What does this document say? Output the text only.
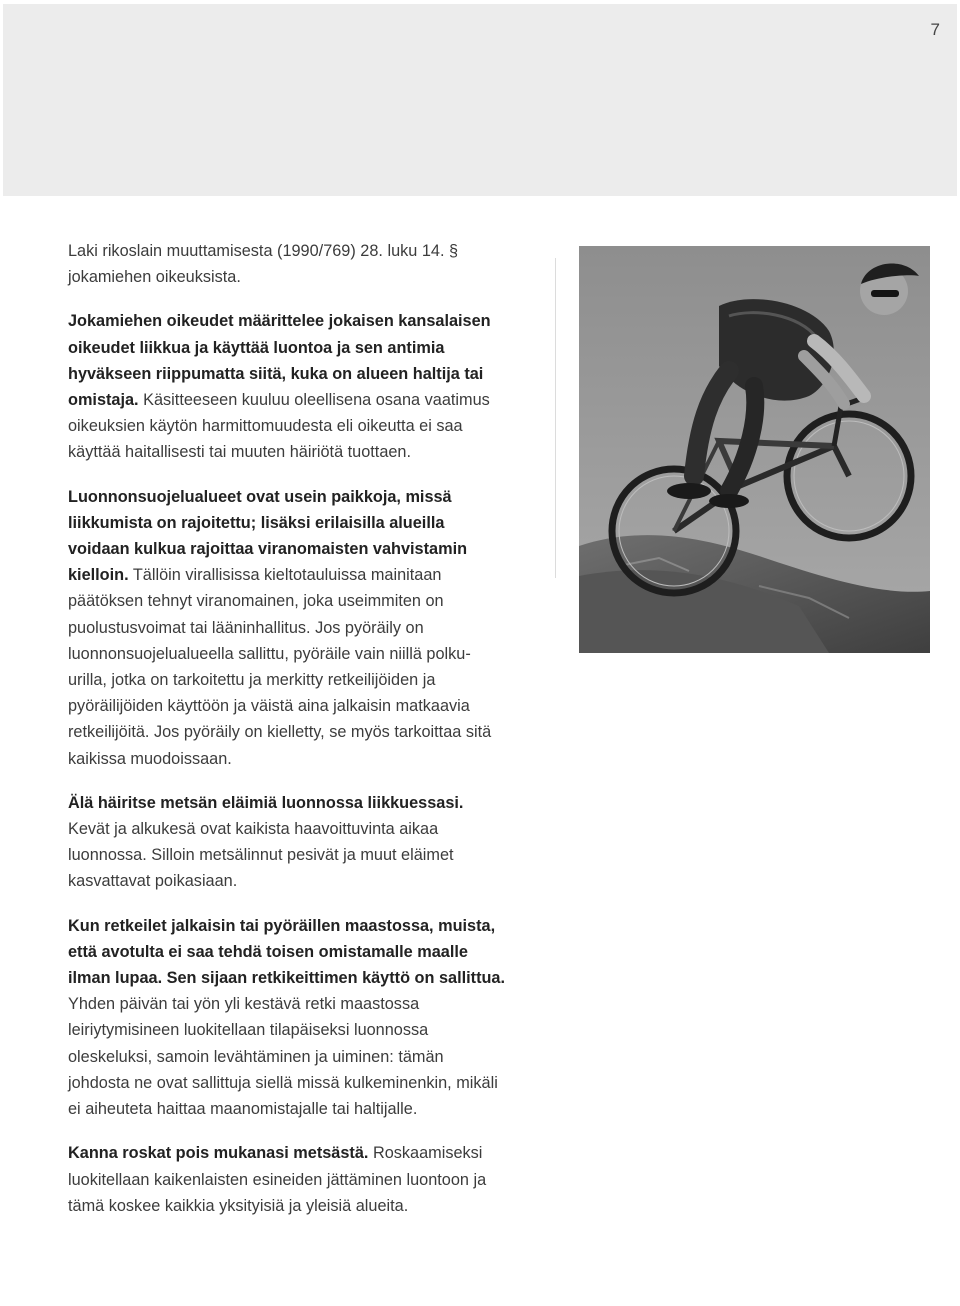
7

Laki rikoslain muuttamisesta (1990/769) 28. luku 14. § jokamiehen oikeuksista.

Jokamiehen oikeudet määrittelee jokaisen kansalaisen oikeudet liikkua ja käyttää luontoa ja sen antimia hyväkseen riippumatta siitä, kuka on alueen haltija tai omistaja. Käsitteeseen kuuluu oleellisena osana vaatimus oikeuksien käytön harmittomuudesta eli oikeutta ei saa käyttää haitallisesti tai muuten häiriötä tuottaen.

Luonnonsuojelualueet ovat usein paikkoja, missä liikkumista on rajoitettu; lisäksi erilaisilla alueilla voidaan kulkua rajoittaa viranomaisten vahvistamin kielloin. Tällöin virallisissa kieltotauluissa mainitaan päätöksen tehnyt viranomainen, joka useimmiten on puolustusvoimat tai lääninhallitus. Jos pyöräily on luonnonsuojelualueella sallittu, pyöräile vain niillä polku-urilla, jotka on tarkoitettu ja merkitty retkeilijöiden ja pyöräilijöiden käyttöön ja väistä aina jalkaisin matkaavia retkeilijöitä. Jos pyöräily on kielletty, se myös tarkoittaa sitä kaikissa muodoissaan.

Älä häiritse metsän eläimiä luonnossa liikkuessasi. Kevät ja alkukesä ovat kaikista haavoittuvinta aikaa luonnossa. Silloin metsälinnut pesivät ja muut eläimet kasvattavat poikasiaan.

Kun retkeilet jalkaisin tai pyöräillen maastossa, muista, että avotulta ei saa tehdä toisen omistamalle maalle ilman lupaa. Sen sijaan retkikeittimen käyttö on sallittua. Yhden päivän tai yön yli kestävä retki maastossa leiriytymisineen luokitellaan tilapäiseksi luonnossa oleskeluksi, samoin levähtäminen ja uiminen: tämän johdosta ne ovat sallittuja siellä missä kulkeminenkin, mikäli ei aiheuteta haittaa maanomistajalle tai haltijalle.

Kanna roskat pois mukanasi metsästä. Roskaamiseksi luokitellaan kaikenlaisten esineiden jättäminen luontoon ja tämä koskee kaikkia yksityisiä ja yleisiä alueita.
